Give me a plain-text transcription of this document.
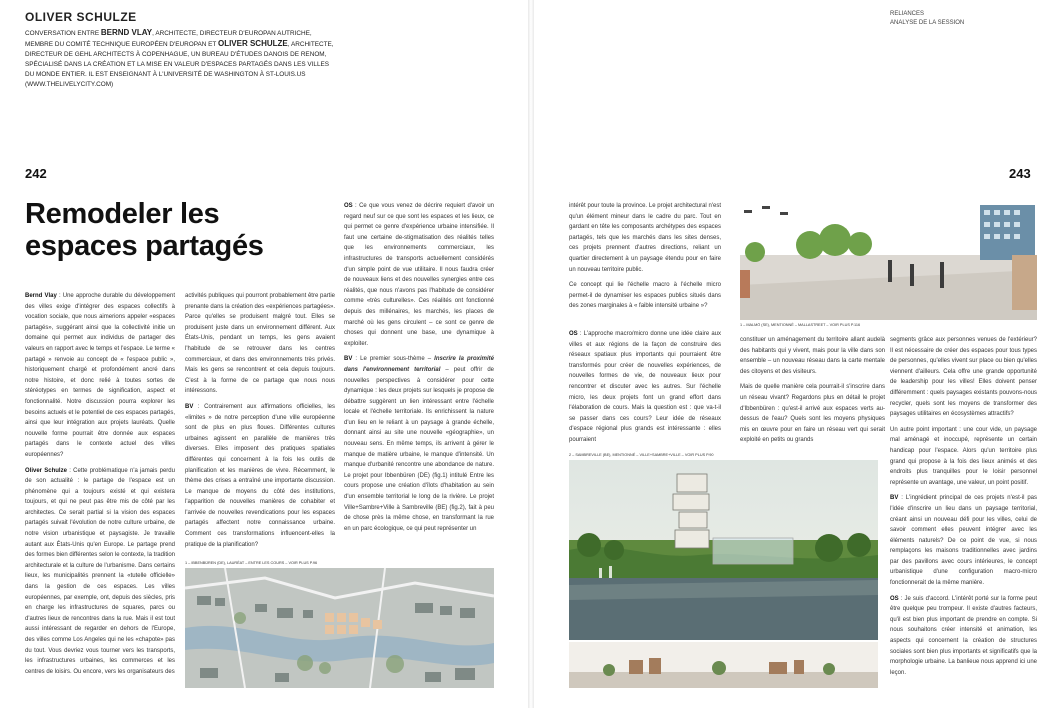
OLIVER SCHULZE
CONVERSATION ENTRE BERND VLAY, ARCHITECTE, DIRECTEUR D'EUROPAN AUTRICHE, MEMBRE DU COMITÉ TECHNIQUE EUROPÉEN D'EUROPAN ET OLIVER SCHULZE, ARCHITECTE, DIRECTEUR DE GEHL ARCHITECTS À COPENHAGUE, UN BUREAU D'ÉTUDES DANOIS DE RENOM, SPÉCIALISÉ DANS LA CRÉATION ET LA MISE EN VALEUR D'ESPACES PARTAGÉS DANS LES VILLES DU MONDE ENTIER. IL EST ENSEIGNANT À L'UNIVERSITÉ DE WASHINGTON À ST-LOUIS.US (WWW.THELIVELYCITY.COM)
RELIANCES
ANALYSE DE LA SESSION
242	243
Remodeler les
espaces partagés

Bernd Vlay : Une approche durable du développement des villes exige d'intégrer des espaces collectifs à vocation sociale, que nous aimerions appeler «espaces partagés», suggérant ainsi que la collectivité initie un domaine qui permet aux individus de partager des valeurs en rapport avec le temps et l'espace. Le terme « partagé » renvoie au concept de « l'espace public », historiquement chargé et profondément ancré dans notre histoire, et donc relié à toutes sortes de stéréotypes en termes de signification, aspect et fonctionnalité. Notre discussion pourra explorer les besoins actuels et le potentiel de ces espaces partagés, ainsi que leur intégration aux projets lauréats. Quelle nouvelle forme pourrait être donnée aux espaces partagés dans le contexte actuel des villes européennes?

Oliver Schulze : Cette problématique n'a jamais perdu de son actualité : le partage de l'espace est un phénomène qui a toujours existé et qui existera toujours, et qui ne peut pas être mis de côté par les architectes. Ce serait partial si la vision des espaces partagés suivait l'évolution de notre culture urbaine, de notre vision urbanistique et paysagiste. Je travaille autant aux États-Unis qu'en Europe. Le partage prend des formes bien différentes selon le contexte, la tradition architecturale et la culture de l'urbanisme. Dans certains lieux, les municipalités prennent la «tutelle officielle» dans la gestion de ces espaces. Les villes européennes, par exemple, ont, depuis des siècles, pris en charge les infrastructures de squares, parcs ou d'autres lieux de rencontres dans la rue. Mais il est tout aussi intéressant de regarder en dehors de l'Europe, des villes comme Los Angeles qui ne les «chapote» pas du tout. Vous devriez vous tourner vers les transports, les infrastructures urbaines, les commerces et les centres de loisirs. Ou encore, vers les organisateurs des

activités publiques qui pourront probablement être partie prenante dans la création des «expériences partagées». Parce qu'elles se produisent malgré tout. Elles se produisent juste dans un environnement différent. Aux États-Unis, pendant un temps, les gens avaient l'habitude de se retrouver dans les centres commerciaux, et dans des environnements très privés. Mais les gens se rencontrent et cela depuis toujours. C'est à la forme de ce partage que nous nous intéressons.

BV : Contrairement aux affirmations officielles, les «limites » de notre perception d'une ville européenne sont de plus en plus floues. Différentes cultures urbaines agissent en parallèle de manières très diverses. Elles imposent des pratiques spatiales différentes qui concernent à la fois les outils de planification et les manières de vivre. Récemment, le thème des crises a entraîné une importante discussion. Le manque de moyens du côté des institutions, l'apparition de nouvelles manières de cohabiter et l'arrivée de nouvelles revendications pour les espaces partagés affectent notre connaissance urbaine. Comment ces transformations influencent-elles la pratique de la planification?

OS : Ce que vous venez de décrire requiert d'avoir un regard neuf sur ce que sont les espaces et les lieux, ce qui permet ce genre d'expérience urbaine intensifiée. Il faut une certaine de-stigmatisation des réalités telles que les environnements commerciaux, les infrastructures de transports actuellement considérés d'un simple point de vue utilitaire. Il nous faudra créer de nouveaux liens et des nouvelles synergies entre ces réalités, que nous n'avons pas l'habitude de considérer comme «très culturelles». Ces réalités ont fonctionné depuis des millénaires, les marchés, les places de marché où les gens circulent – ce sont ce genre de choses qui donnent une base, une dynamique à exploiter.

BV : Le premier sous-thème – Inscrire la proximité dans l'environnement territorial – peut offrir de nouvelles perspectives à considérer pour cette dynamique : les deux projets sur lesquels je propose de débattre suggèrent un lien intéressant entre l'échelle locale et l'échelle territoriale. Ils enrichissent la nature d'un lieu en le reliant à un paysage à grande échelle, donnant ainsi au site une nouvelle «géographie», un nouveau sens. En même temps, ils arrivent à gérer le manque de matière urbaine, le manque d'intensité. Un manque d'urbanité rencontre une abondance de nature. Le projet pour Ibbenbüren (DE) (fig.1) intitulé Entre les cours propose une création d'îlots d'habitation au sein d'un ensemble territorial le long de la rivière. Le projet Ville+Sambre+Ville à Sambreville (BE) (fig.2), fait à peu de chose près la même chose, en transformant la rue en un parc écologique, ce qui peut représenter un

1 – IBBENBÜREN (DE), LAURÉAT – ENTRE LES COURS – VOIR PLUS P.96

intérêt pour toute la province. Le projet architectural n'est qu'un élément mineur dans le cadre du parc. Tout en gardant en tête les composants archétypes des espaces partagés, tels que les marchés dans les sites denses, ces projets prennent d'autres directions, reliant un quartier directement à un paysage étendu pour en faire un nouveau territoire public.

Ce concept qui lie l'échelle macro à l'échelle micro permet-il de dynamiser les espaces publics situés dans des zones marginales à « faible intensité urbaine »?

OS : L'approche macro/micro donne une idée claire aux villes et aux régions de la façon de construire des réseaux spatiaux plus importants qui pourraient être transformés pour créer de nouvelles expériences, de nouvelles formes de vie, de nouveaux lieux pour rencontrer et discuter avec les autres. Sur l'échelle micro, les deux projets font un grand effort dans l'élaboration de cours. Mais la question est : que va-t-il se passer dans ces cours? Leur idée de réseaux d'espace régional plus grands est intéressante : elles pourraient

1 – MALMÖ (SE), MENTIONNÉ – MALLASTREET – VOIR PLUS P.116

constituer un aménagement du territoire allant audelà des habitants qui y vivent, mais pour la ville dans son ensemble – un nouveau réseau dans la carte mentale des citoyens et des visiteurs.

Mais de quelle manière cela pourrait-il s'inscrire dans un réseau vivant? Regardons plus en détail le projet d'Ibbenbüren : qu'est-il arrivé aux espaces verts au-dessus de l'eau? Quels sont les moyens physiques mis en œuvre pour en faire un réseau vert qui serait exploité en petits ou grands

segments grâce aux personnes venues de l'extérieur? Il est nécessaire de créer des espaces pour tous types de personnes, qu'elles vivent sur place ou bien qu'elles viennent d'ailleurs. Cela offre une grande opportunité de leadership pour les villes! Elles doivent penser différemment : quels paysages existants pouvons-nous recycler, quels sont les moyens de transformer des paysages utilitaires en écosystèmes attractifs?

Un autre point important : une cour vide, un paysage mal aménagé et inoccupé, représente un certain handicap pour l'espace. Alors qu'un territoire plus grand qui propose à la fois des lieux animés et des endroits plus tranquilles pour le loisir personnel représente un avantage, une valeur, un point positif.

BV : L'ingrédient principal de ces projets n'est-il pas l'idée d'inscrire un lieu dans un paysage territorial, créant ainsi un nouveau défi pour les villes, celui de savoir comment elles peuvent intégrer avec les éléments naturels? De ce point de vue, si nous remplaçons les maisons traditionnelles avec jardins par des pavillons avec cours intérieures, le concept urbanistique d'une configuration macro-micro fonctionnerait de la même manière.

OS : Je suis d'accord. L'intérêt porté sur la forme peut être quelque peu trompeur. Il existe d'autres facteurs, qu'il est bien plus important de prendre en compte. Si nous souhaitons créer intensité et animation, les aspects qui concernent la création de structures sociales sont bien plus importants et significatifs que la morphologie urbaine. La banlieue nous apprend ici une leçon.

2 – SAMBREVILLE (BE), MENTIONNÉ – VILLE+SAMBRE+VILLE – VOIR PLUS P.90
